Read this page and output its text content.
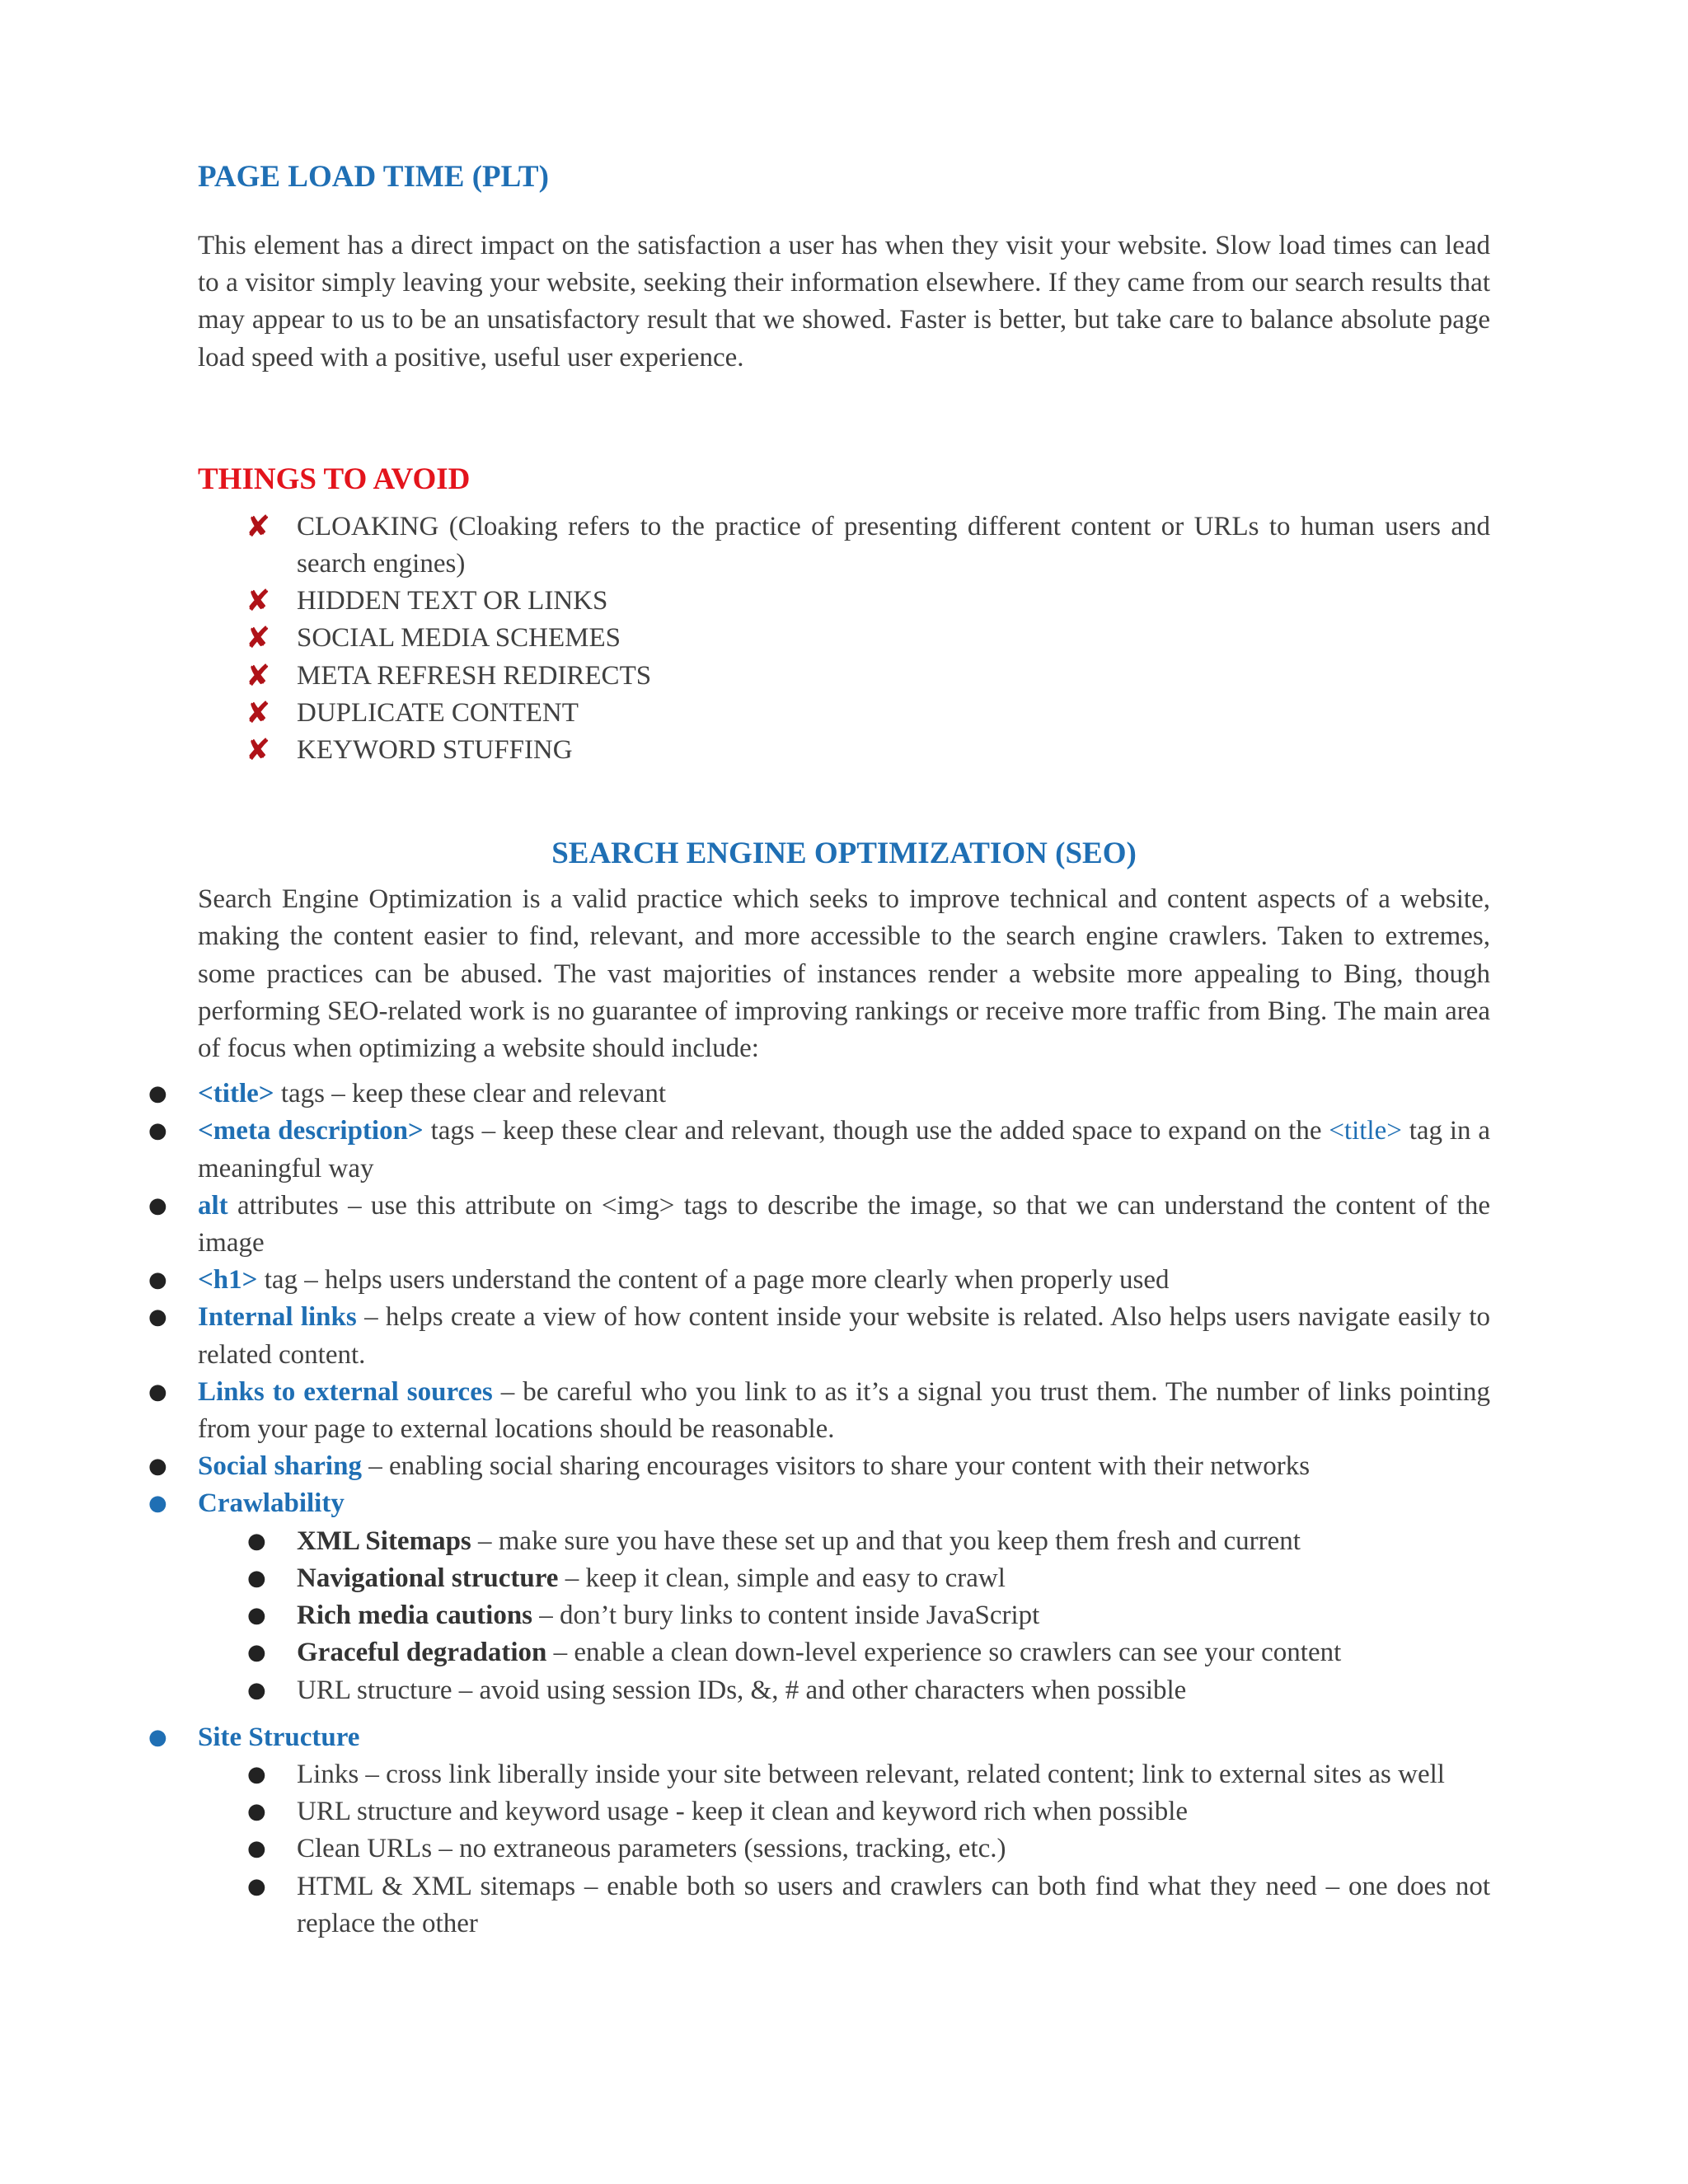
PAGE LOAD TIME (PLT)

This element has a direct impact on the satisfaction a user has when they visit your website. Slow load times can lead to a visitor simply leaving your website, seeking their information elsewhere. If they came from our search results that may appear to us to be an unsatisfactory result that we showed. Faster is better, but take care to balance absolute page load speed with a positive, useful user experience.

THINGS TO AVOID
✘ CLOAKING (Cloaking refers to the practice of presenting different content or URLs to human users and search engines)
✘ HIDDEN TEXT OR LINKS
✘ SOCIAL MEDIA SCHEMES
✘ META REFRESH REDIRECTS
✘ DUPLICATE CONTENT
✘ KEYWORD STUFFING
SEARCH ENGINE OPTIMIZATION (SEO)

Search Engine Optimization is a valid practice which seeks to improve technical and content aspects of a website, making the content easier to find, relevant, and more accessible to the search engine crawlers. Taken to extremes, some practices can be abused. The vast majorities of instances render a website more appealing to Bing, though performing SEO-related work is no guarantee of improving rankings or receive more traffic from Bing. The main area of focus when optimizing a website should include:

● <title> tags – keep these clear and relevant
● <meta description> tags – keep these clear and relevant, though use the added space to expand on the <title> tag in a meaningful way
● alt attributes – use this attribute on <img> tags to describe the image, so that we can understand the content of the image
● <h1> tag – helps users understand the content of a page more clearly when properly used
● Internal links – helps create a view of how content inside your website is related. Also helps users navigate easily to related content.
● Links to external sources – be careful who you link to as it’s a signal you trust them. The number of links pointing from your page to external locations should be reasonable.
● Social sharing – enabling social sharing encourages visitors to share your content with their networks
● Crawlability
● XML Sitemaps – make sure you have these set up and that you keep them fresh and current
● Navigational structure – keep it clean, simple and easy to crawl
● Rich media cautions – don’t bury links to content inside JavaScript
● Graceful degradation – enable a clean down-level experience so crawlers can see your content
● URL structure – avoid using session IDs, &, # and other characters when possible
● Site Structure
● Links – cross link liberally inside your site between relevant, related content; link to external sites as well
● URL structure and keyword usage - keep it clean and keyword rich when possible
● Clean URLs – no extraneous parameters (sessions, tracking, etc.)
● HTML & XML sitemaps – enable both so users and crawlers can both find what they need – one does not replace the other
